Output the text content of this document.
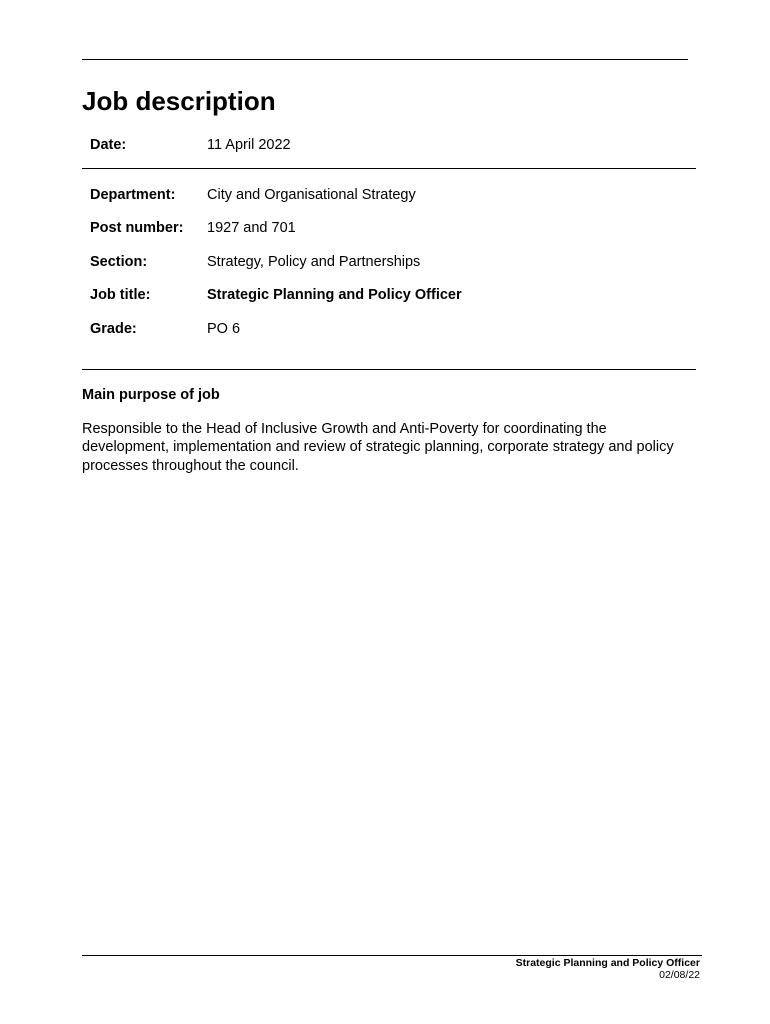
Job description
Date:	11 April 2022
Department: City and Organisational Strategy
Post number: 1927 and 701
Section:	Strategy, Policy and Partnerships
Job title:	Strategic Planning and Policy Officer
Grade:	PO 6
Main purpose of job
Responsible to the Head of Inclusive Growth and Anti-Poverty for coordinating the development, implementation and review of strategic planning, corporate strategy and policy processes throughout the council.
Strategic Planning and Policy Officer
02/08/22
